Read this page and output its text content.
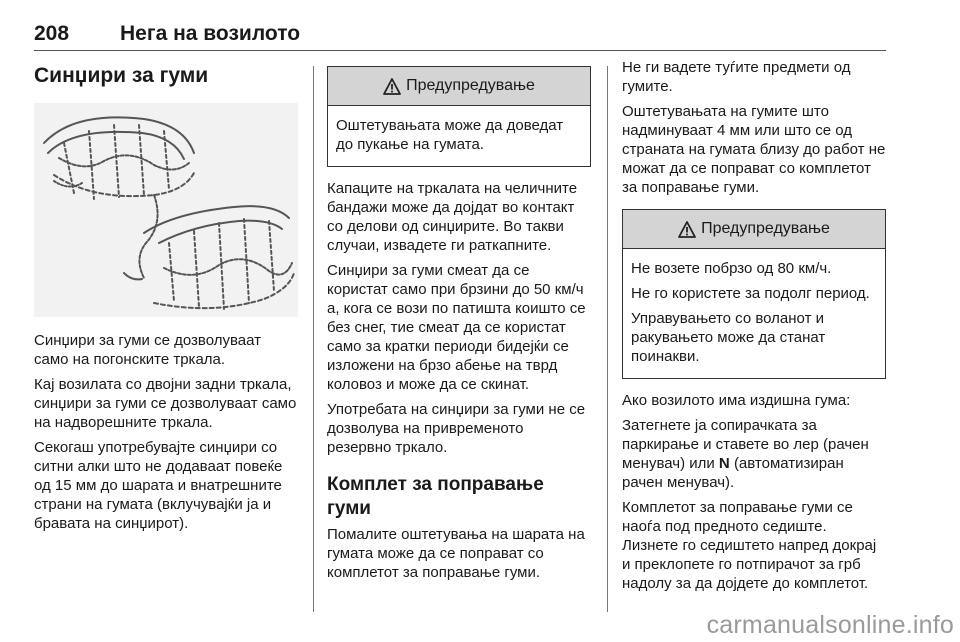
208 Нега на возилото
Синџири за гуми

Синџири за гуми се дозволуваат само на погонските тркала.

Кај возилата со двојни задни тркала, синџири за гуми се дозволуваат само на надворешните тркала.

Секогаш употребувајте синџири со ситни алки што не додаваат повеќе од 15 мм до шарата и внатрешните страни на гумата (вклучувајќи ја и бравата на синџирот).

Предупредување

Оштетувањата може да доведат до пукање на гумата.

Капаците на тркалата на челичните бандажи може да дојдат во контакт со делови од синџирите. Во такви случаи, извадете ги раткапните.

Синџири за гуми смеат да се користат само при брзини до 50 км/ч а, кога се вози по патишта коишто се без снег, тие смеат да се користат само за кратки периоди бидејќи се изложени на брзо абење на тврд коловоз и може да се скинат.

Употребата на синџири за гуми не се дозволува на привременото резервно тркало.

Комплет за поправање гуми

Помалите оштетувања на шарата на гумата може да се поправат со комплетот за поправање гуми.

Не ги вадете туѓите предмети од гумите.

Оштетувањата на гумите што надминуваат 4 мм или што се од страната на гумата близу до работ не можат да се поправат со комплетот за поправање гуми.

Предупредување

Не возете побрзо од 80 км/ч.

Не го користете за подолг период.

Управувањето со воланот и ракувањето може да станат поинакви.

Ако возилото има издишна гума:

Затегнете ја сопирачката за паркирање и ставете во лер (рачен менувач) или N (автоматизиран рачен менувач).

Комплетот за поправање гуми се наоѓа под предното седиште. Лизнете го седиштето напред докрај и преклопете го потпирачот за грб надолу за да дојдете до комплетот.

carmanualsonline.info
